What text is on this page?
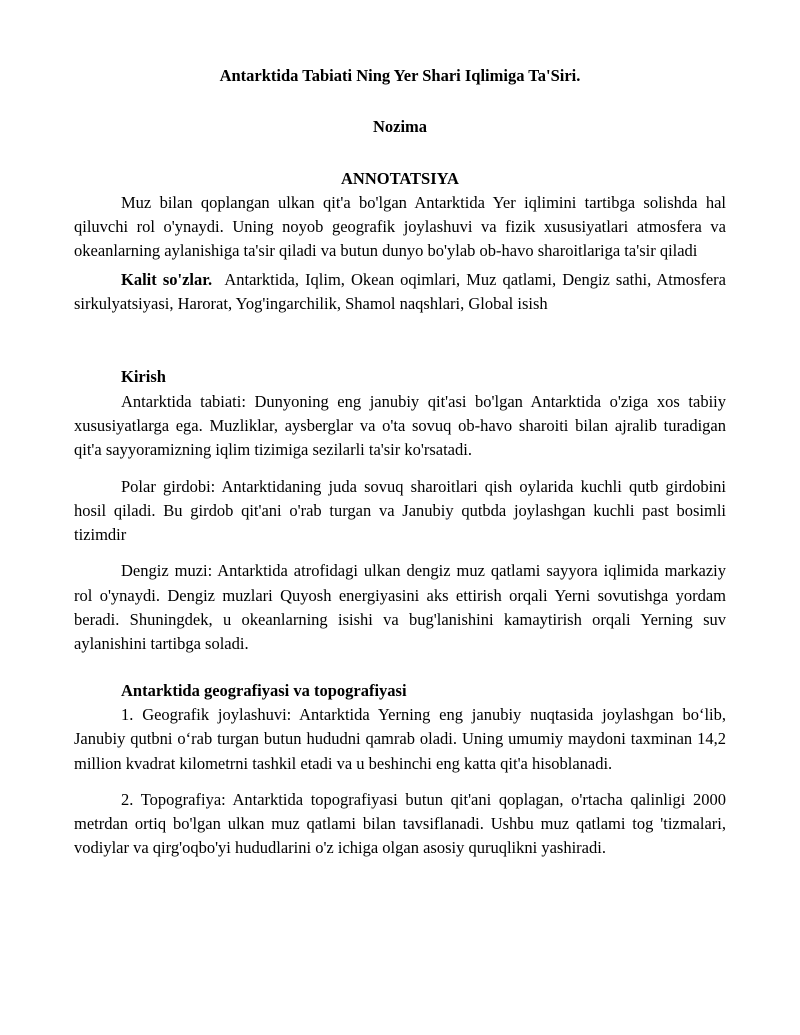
Antarktida Tabiati Ning Yer Shari Iqlimiga Ta'Siri.

Nozima

ANNOTATSIYA

Muz bilan qoplangan ulkan qit'a bo'lgan Antarktida Yer iqlimini tartibga solishda hal qiluvchi rol o'ynaydi. Uning noyob geografik joylashuvi va fizik xususiyatlari atmosfera va okeanlarning aylanishiga ta'sir qiladi va butun dunyo bo'ylab ob-havo sharoitlariga ta'sir qiladi

Kalit so'zlar. Antarktida, Iqlim, Okean oqimlari, Muz qatlami, Dengiz sathi, Atmosfera sirkulyatsiyasi, Harorat, Yog'ingarchilik, Shamol naqshlari, Global isish

Kirish

Antarktida tabiati: Dunyoning eng janubiy qit'asi bo'lgan Antarktida o'ziga xos tabiiy xususiyatlarga ega. Muzliklar, aysberglar va o'ta sovuq ob-havo sharoiti bilan ajralib turadigan qit'a sayyoramizning iqlim tizimiga sezilarli ta'sir ko'rsatadi.

Polar girdobi: Antarktidaning juda sovuq sharoitlari qish oylarida kuchli qutb girdobini hosil qiladi. Bu girdob qit'ani o'rab turgan va Janubiy qutbda joylashgan kuchli past bosimli tizimdir

Dengiz muzi: Antarktida atrofidagi ulkan dengiz muz qatlami sayyora iqlimida markaziy rol o'ynaydi. Dengiz muzlari Quyosh energiyasini aks ettirish orqali Yerni sovutishga yordam beradi. Shuningdek, u okeanlarning isishi va bug'lanishini kamaytirish orqali Yerning suv aylanishini tartibga soladi.

Antarktida geografiyasi va topografiyasi

1. Geografik joylashuvi: Antarktida Yerning eng janubiy nuqtasida joylashgan bo‘lib, Janubiy qutbni o‘rab turgan butun hududni qamrab oladi. Uning umumiy maydoni taxminan 14,2 million kvadrat kilometrni tashkil etadi va u beshinchi eng katta qit'a hisoblanadi.

2. Topografiya: Antarktida topografiyasi butun qit'ani qoplagan, o'rtacha qalinligi 2000 metrdan ortiq bo'lgan ulkan muz qatlami bilan tavsiflanadi. Ushbu muz qatlami tog 'tizmalari, vodiylar va qirg'oqbo'yi hududlarini o'z ichiga olgan asosiy quruqlikni yashiradi.
